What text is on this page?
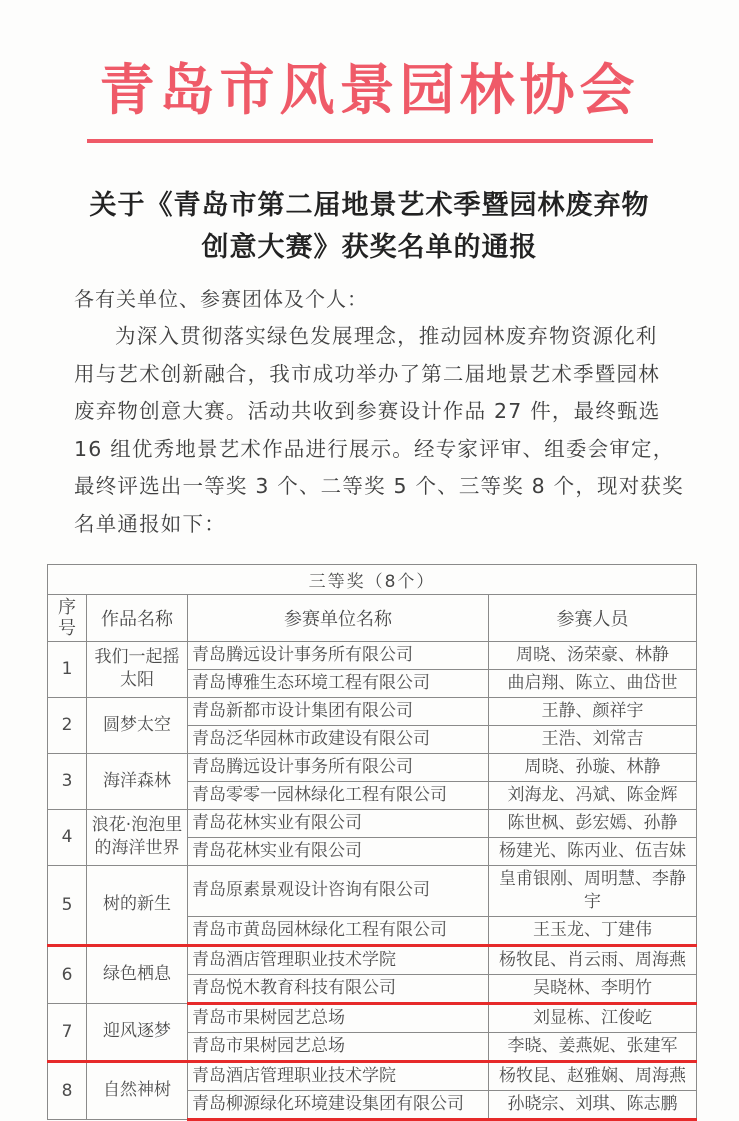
青岛市风景园林协会
关于《青岛市第二届地景艺术季暨园林废弃物
创意大赛》获奖名单的通报
各有关单位、参赛团体及个人：
为深入贯彻落实绿色发展理念，推动园林废弃物资源化利
用与艺术创新融合，我市成功举办了第二届地景艺术季暨园林
废弃物创意大赛。活动共收到参赛设计作品 27 件，最终甄选
16 组优秀地景艺术作品进行展示。经专家评审、组委会审定，
最终评选出一等奖 3 个、二等奖 5 个、三等奖 8 个，现对获奖
名单通报如下：
三等奖（8个）			
序号	作品名称	参赛单位名称	参赛人员
1	我们一起摇太阳	青岛腾远设计事务所有限公司	周晓、汤荣豪、林静
		青岛博雅生态环境工程有限公司	曲启翔、陈立、曲岱世
2	圆梦太空	青岛新都市设计集团有限公司	王静、颜祥宇
		青岛泛华园林市政建设有限公司	王浩、刘常吉
3	海洋森林	青岛腾远设计事务所有限公司	周晓、孙璇、林静
		青岛零零一园林绿化工程有限公司	刘海龙、冯斌、陈金辉
4	浪花·泡泡里的海洋世界	青岛花林实业有限公司	陈世枫、彭宏嫣、孙静
		青岛花林实业有限公司	杨建光、陈丙业、伍吉妹
5	树的新生	青岛原素景观设计咨询有限公司	皇甫银刚、周明慧、李静宇
		青岛市黄岛园林绿化工程有限公司	王玉龙、丁建伟
6	绿色栖息	青岛酒店管理职业技术学院	杨牧昆、肖云雨、周海燕
		青岛悦木教育科技有限公司	吴晓林、李明竹
7	迎风逐梦	青岛市果树园艺总场	刘显栋、江俊屹
		青岛市果树园艺总场	李晓、姜燕妮、张建军
8	自然神树	青岛酒店管理职业技术学院	杨牧昆、赵雅娴、周海燕
		青岛柳源绿化环境建设集团有限公司	孙晓宗、刘琪、陈志鹏
